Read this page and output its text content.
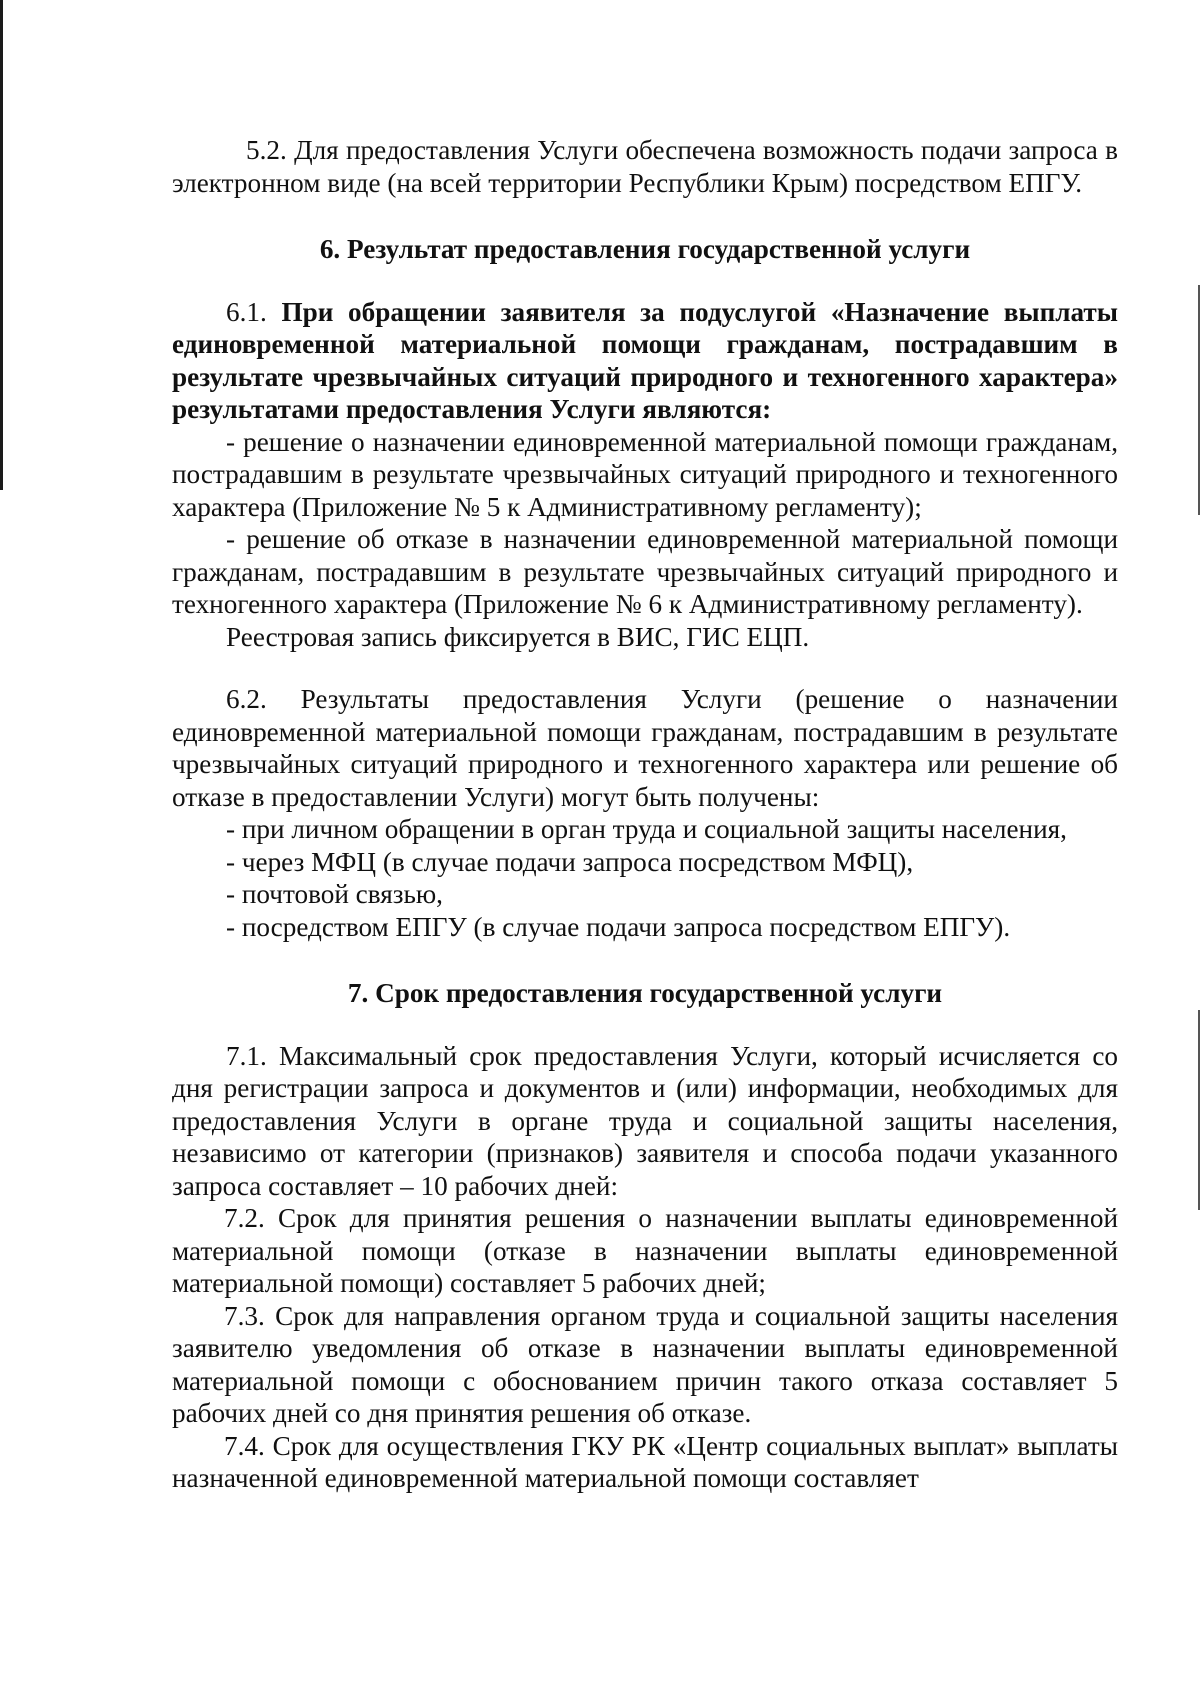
5.2. Для предоставления Услуги обеспечена возможность подачи запроса в электронном виде (на всей территории Республики Крым) посредством ЕПГУ.

6. Результат предоставления государственной услуги

6.1. При обращении заявителя за подуслугой «Назначение выплаты единовременной материальной помощи гражданам, пострадавшим в результате чрезвычайных ситуаций природного и техногенного характера» результатами предоставления Услуги являются:

- решение о назначении единовременной материальной помощи гражданам, пострадавшим в результате чрезвычайных ситуаций природного и техногенного характера (Приложение № 5 к Административному регламенту);

- решение об отказе в назначении единовременной материальной помощи гражданам, пострадавшим в результате чрезвычайных ситуаций природного и техногенного характера (Приложение № 6 к Административному регламенту).

Реестровая запись фиксируется в ВИС, ГИС ЕЦП.

6.2. Результаты предоставления Услуги (решение о назначении единовременной материальной помощи гражданам, пострадавшим в результате чрезвычайных ситуаций природного и техногенного характера или решение об отказе в предоставлении Услуги) могут быть получены:

- при личном обращении в орган труда и социальной защиты населения,

- через МФЦ (в случае подачи запроса посредством МФЦ),

- почтовой связью,

- посредством ЕПГУ (в случае подачи запроса посредством ЕПГУ).

7. Срок предоставления государственной услуги

7.1. Максимальный срок предоставления Услуги, который исчисляется со дня регистрации запроса и документов и (или) информации, необходимых для предоставления Услуги в органе труда и социальной защиты населения, независимо от категории (признаков) заявителя и способа подачи указанного запроса составляет – 10 рабочих дней:

7.2. Срок для принятия решения о назначении выплаты единовременной материальной помощи (отказе в назначении выплаты единовременной материальной помощи) составляет 5 рабочих дней;

7.3. Срок для направления органом труда и социальной защиты населения заявителю уведомления об отказе в назначении выплаты единовременной материальной помощи с обоснованием причин такого отказа составляет 5 рабочих дней со дня принятия решения об отказе.

7.4. Срок для осуществления ГКУ РК «Центр социальных выплат» выплаты назначенной единовременной материальной помощи составляет
